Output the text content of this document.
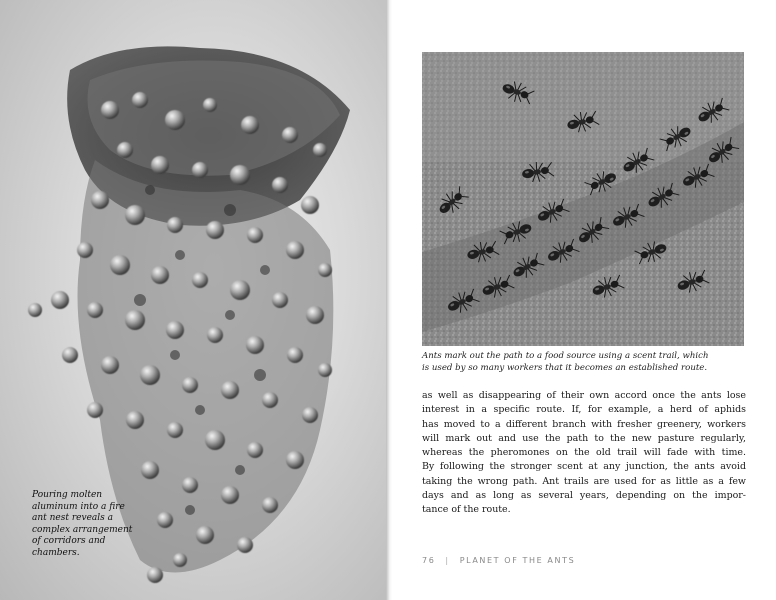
Pouring molten aluminum into a fire ant nest reveals a complex arrangement of corridors and chambers.
Ants mark out the path to a food source using a scent trail, which
is used by so many workers that it becomes an established route.

as well as disappearing of their own accord once the ants lose
interest in a specific route. If, for example, a herd of aphids
has moved to a different branch with fresher greenery, workers
will mark out and use the path to the new pasture regularly,
whereas the pheromones on the old trail will fade with time.
By following the stronger scent at any junction, the ants avoid
taking the wrong path. Ant trails are used for as little as a few
days and as long as several years, depending on the impor-
tance of the route.

76 | PLANET OF THE ANTS
